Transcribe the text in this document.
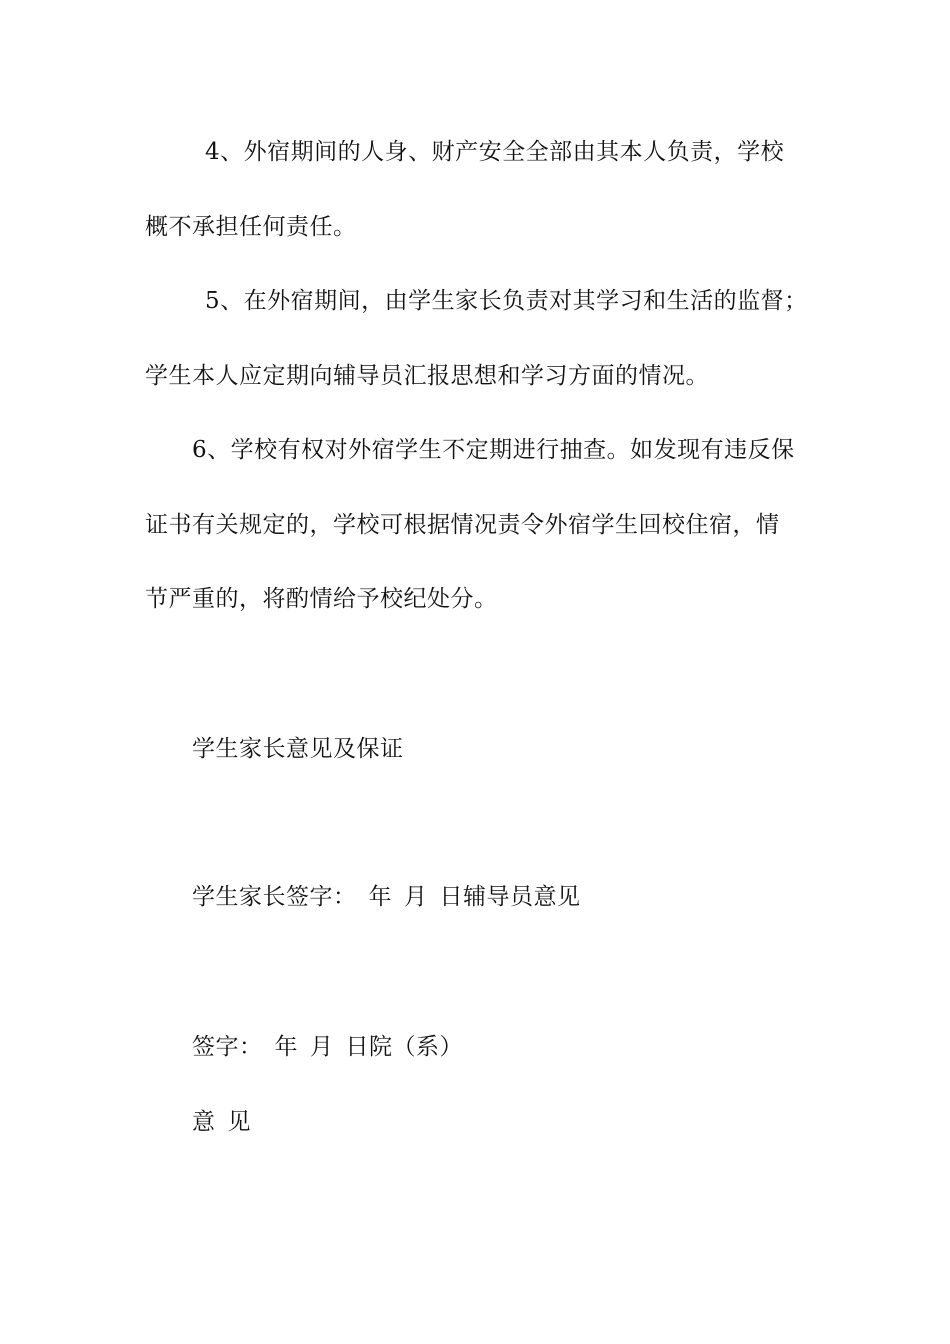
4、外宿期间的人身、财产安全全部由其本人负责，学校
概不承担任何责任。
5、在外宿期间，由学生家长负责对其学习和生活的监督；
学生本人应定期向辅导员汇报思想和学习方面的情况。
6、学校有权对外宿学生不定期进行抽查。如发现有违反保
证书有关规定的，学校可根据情况责令外宿学生回校住宿，情
节严重的，将酌情给予校纪处分。
学生家长意见及保证
学生家长签字： 年 月 日辅导员意见
签字： 年 月 日院（系）
意 见
